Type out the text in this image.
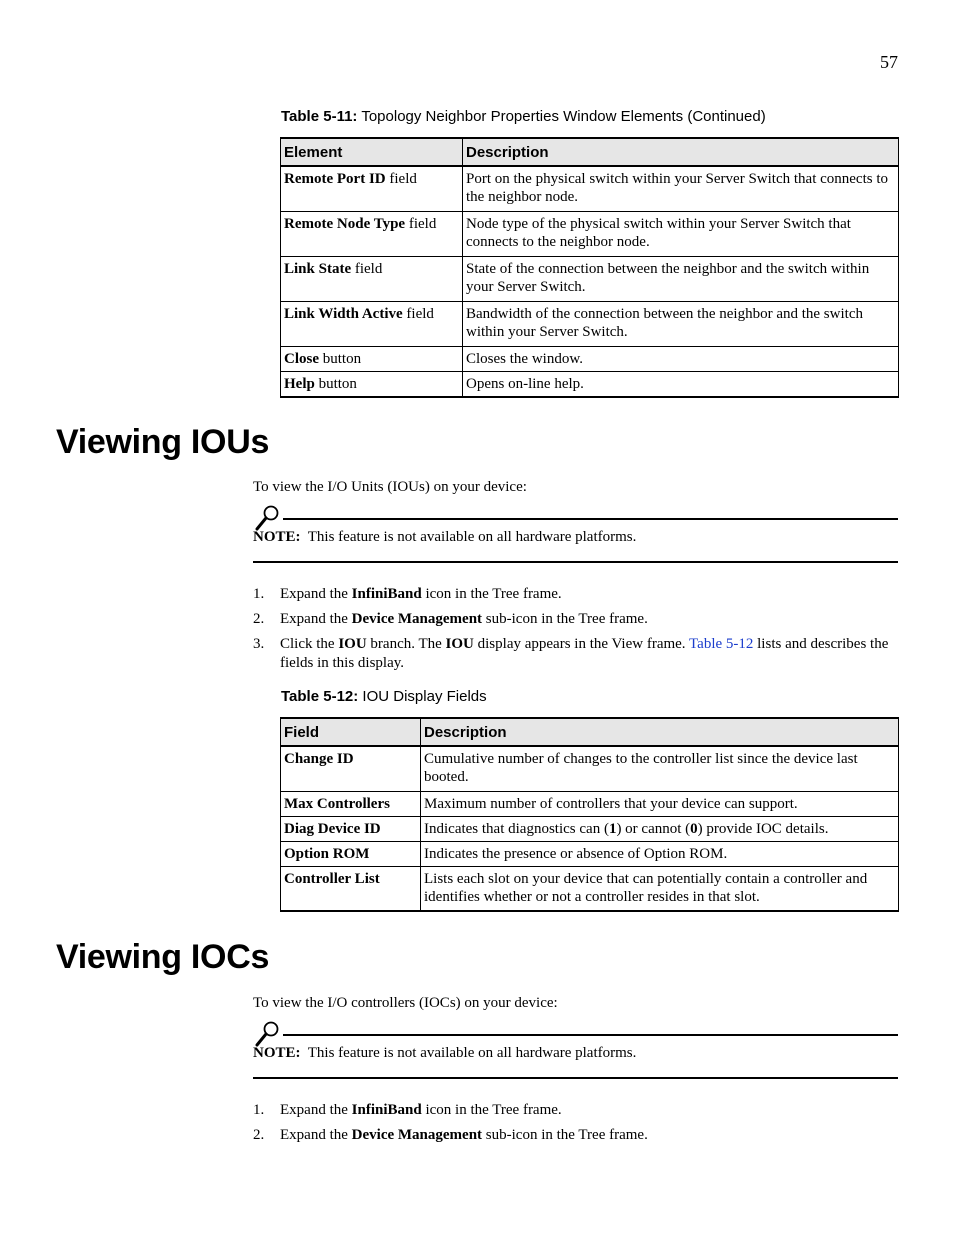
57
Table 5-11: Topology Neighbor Properties Window Elements (Continued)
Element	Description
Remote Port ID field	Port on the physical switch within your Server Switch that connects to the neighbor node.
Remote Node Type field	Node type of the physical switch within your Server Switch that connects to the neighbor node.
Link State field	State of the connection between the neighbor and the switch within your Server Switch.
Link Width Active field	Bandwidth of the connection between the neighbor and the switch within your Server Switch.
Close button	Closes the window.
Help button	Opens on-line help.
Viewing IOUs
To view the I/O Units (IOUs) on your device:
NOTE: This feature is not available on all hardware platforms.
1. Expand the InfiniBand icon in the Tree frame.
2. Expand the Device Management sub-icon in the Tree frame.
3. Click the IOU branch. The IOU display appears in the View frame. Table 5-12 lists and describes the fields in this display.
Table 5-12: IOU Display Fields
Field	Description
Change ID	Cumulative number of changes to the controller list since the device last booted.
Max Controllers	Maximum number of controllers that your device can support.
Diag Device ID	Indicates that diagnostics can (1) or cannot (0) provide IOC details.
Option ROM	Indicates the presence or absence of Option ROM.
Controller List	Lists each slot on your device that can potentially contain a controller and identifies whether or not a controller resides in that slot.
Viewing IOCs
To view the I/O controllers (IOCs) on your device:
NOTE: This feature is not available on all hardware platforms.
1. Expand the InfiniBand icon in the Tree frame.
2. Expand the Device Management sub-icon in the Tree frame.
